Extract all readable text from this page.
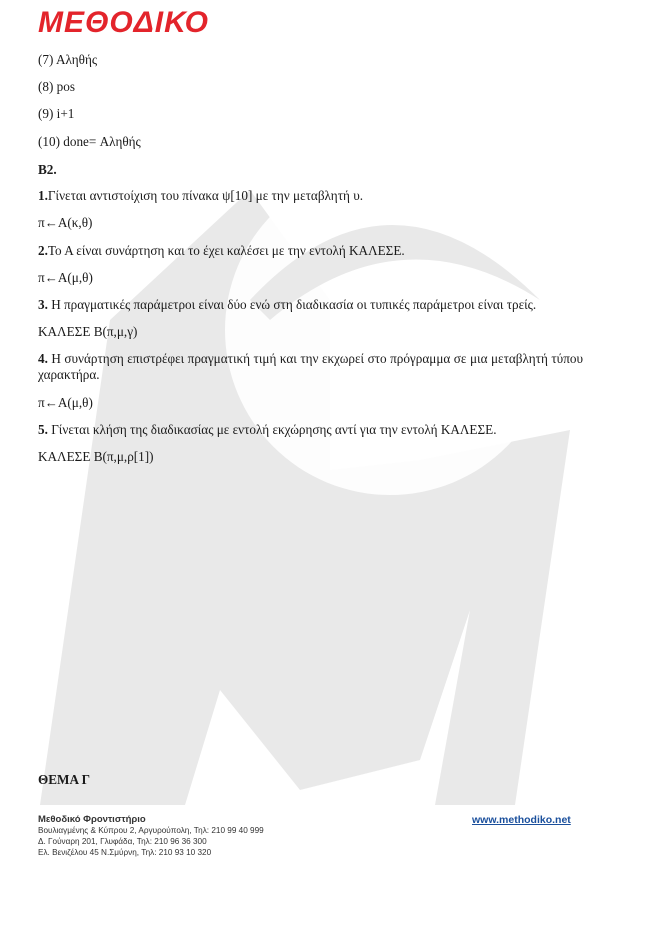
ΜΕΘΟΔΙΚΟ
(7) Αληθής
(8) pos
(9) i+1
(10) done= Αληθής
Β2.
1.Γίνεται αντιστοίχιση του πίνακα ψ[10] με την μεταβλητή υ.
π←Α(κ,θ)
2.Το Α είναι συνάρτηση και το έχει καλέσει με την εντολή ΚΑΛΕΣΕ.
π←Α(μ,θ)
3. Η πραγματικές παράμετροι είναι δύο ενώ στη διαδικασία οι τυπικές παράμετροι είναι τρείς.
ΚΑΛΕΣΕ Β(π,μ,γ)
4. Η συνάρτηση επιστρέφει πραγματική τιμή και την εκχωρεί στο πρόγραμμα σε μια μεταβλητή τύπου χαρακτήρα.
π←Α(μ,θ)
5. Γίνεται κλήση της διαδικασίας με εντολή εκχώρησης αντί για την εντολή ΚΑΛΕΣΕ.
ΚΑΛΕΣΕ Β(π,μ,ρ[1])
ΘΕΜΑ Γ
Μεθοδικό Φροντιστήριο
Βουλιαγμένης & Κύπρου 2, Αργυρούπολη, Τηλ: 210 99 40 999
Δ. Γούναρη 201, Γλυφάδα, Τηλ: 210 96 36 300
Ελ. Βενιζέλου 45 Ν.Σμύρνη, Τηλ: 210 93 10 320
www.methodiko.net
